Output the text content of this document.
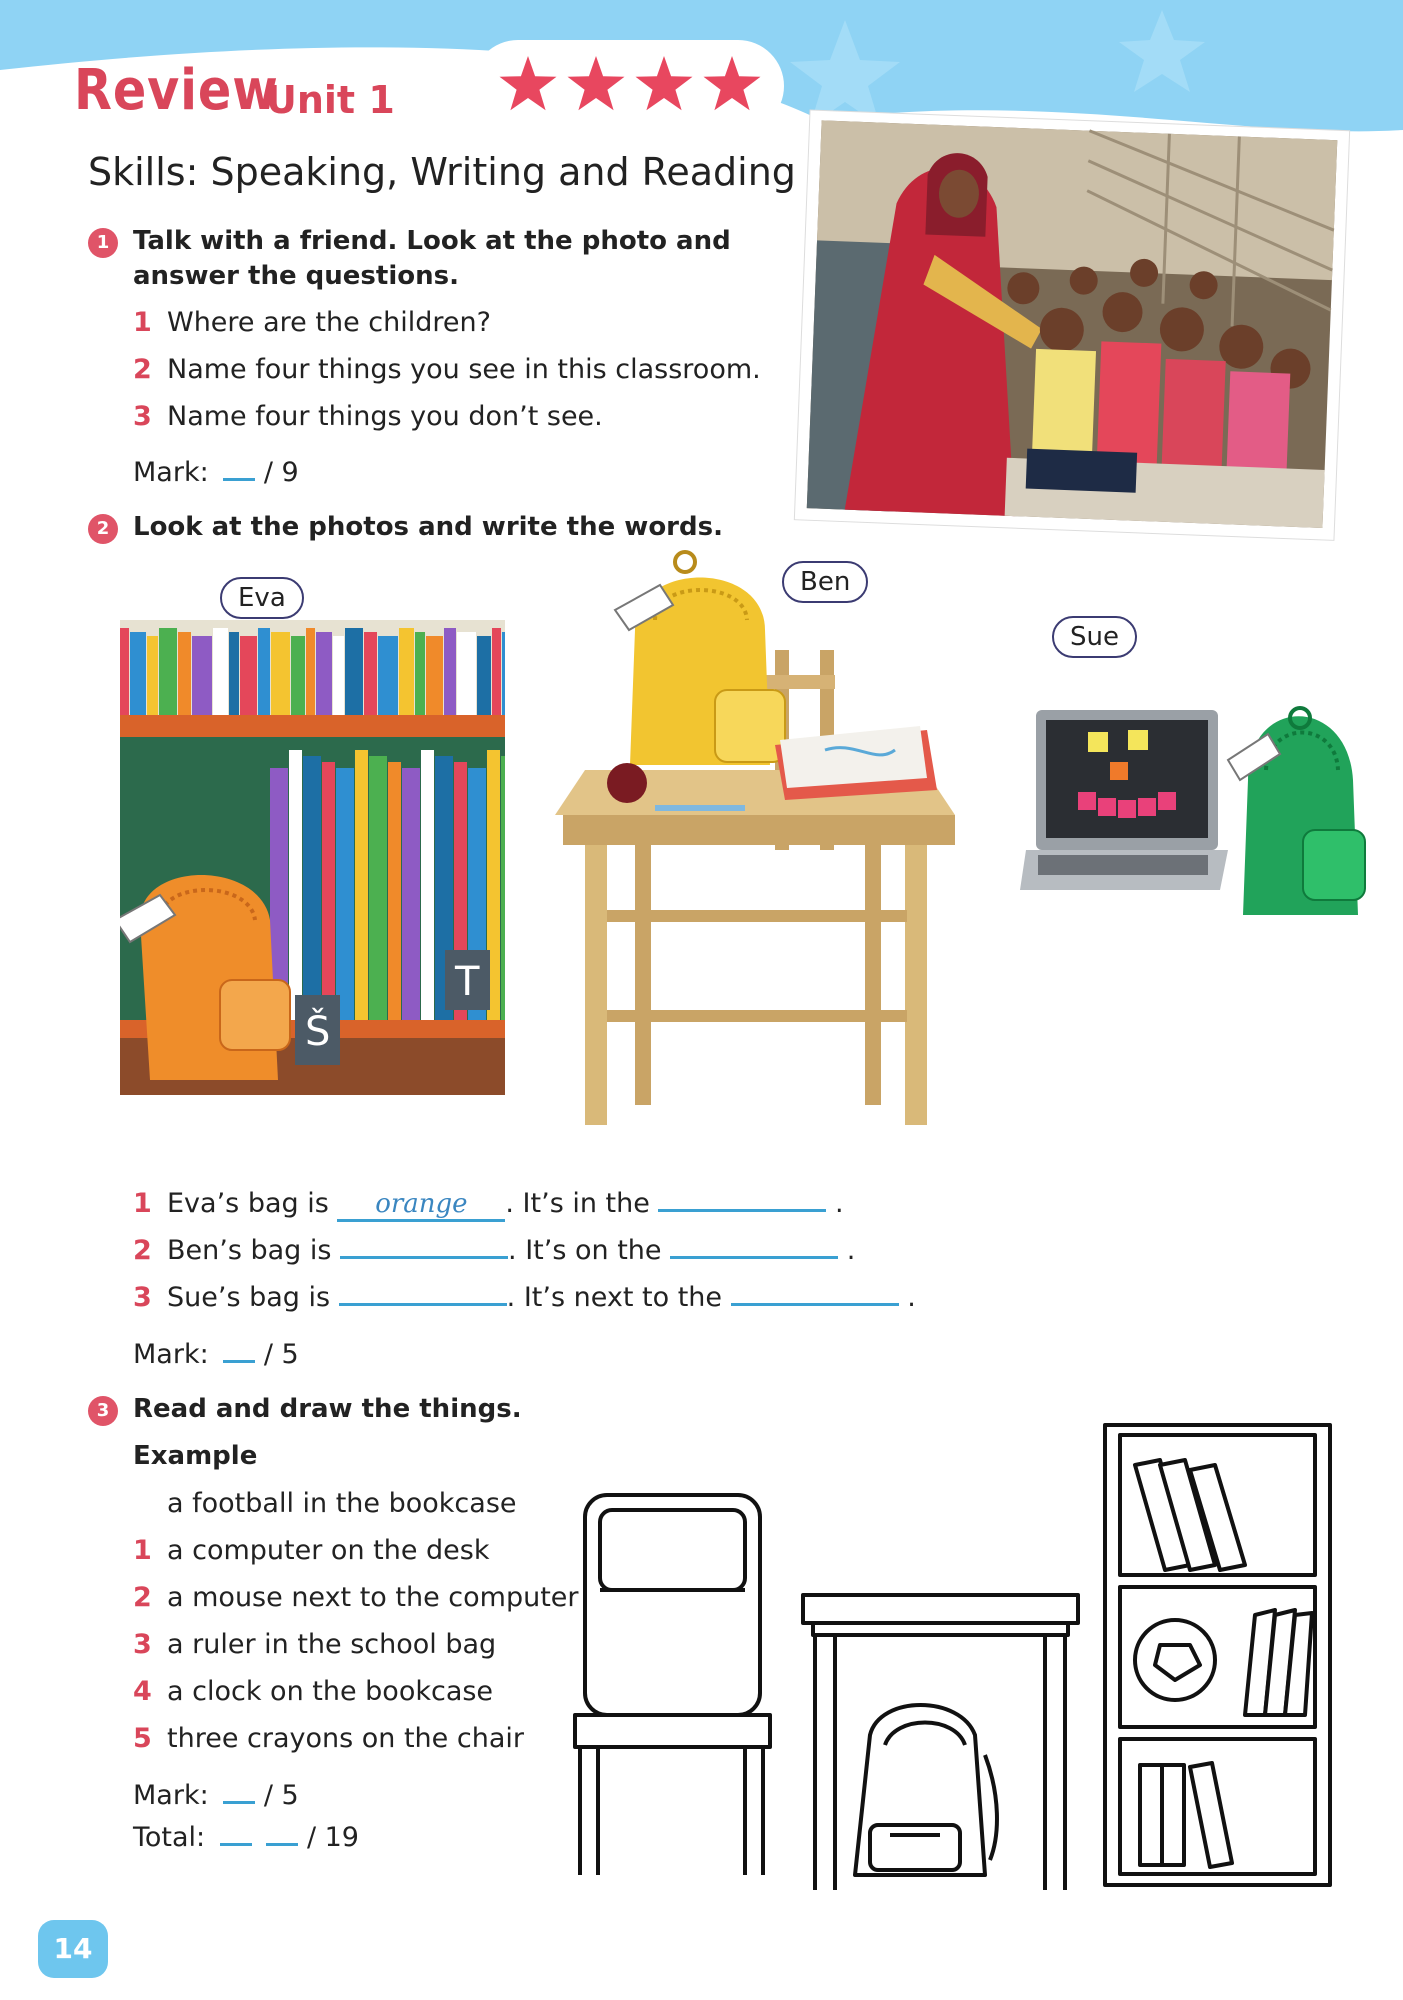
Review
Unit 1
Skills: Speaking, Writing and Reading
1 Talk with a friend. Look at the photo and
answer the questions.
1 Where are the children?
2 Name four things you see in this classroom.
3 Name four things you don’t see.
Mark: / 9
2 Look at the photos and write the words.
Eva
Š
T
Ben
Sue
1 Eva’s bag is orange . It’s in the	.
2 Ben’s bag is	. It’s on the	.
3 Sue’s bag is	. It’s next to the	.
Mark: / 5
3 Read and draw the things.
Example
a football in the bookcase
1 a computer on the desk
2 a mouse next to the computer
3 a ruler in the school bag
4 a clock on the bookcase
5 three crayons on the chair
Mark: / 5
Total:	/ 19
14
